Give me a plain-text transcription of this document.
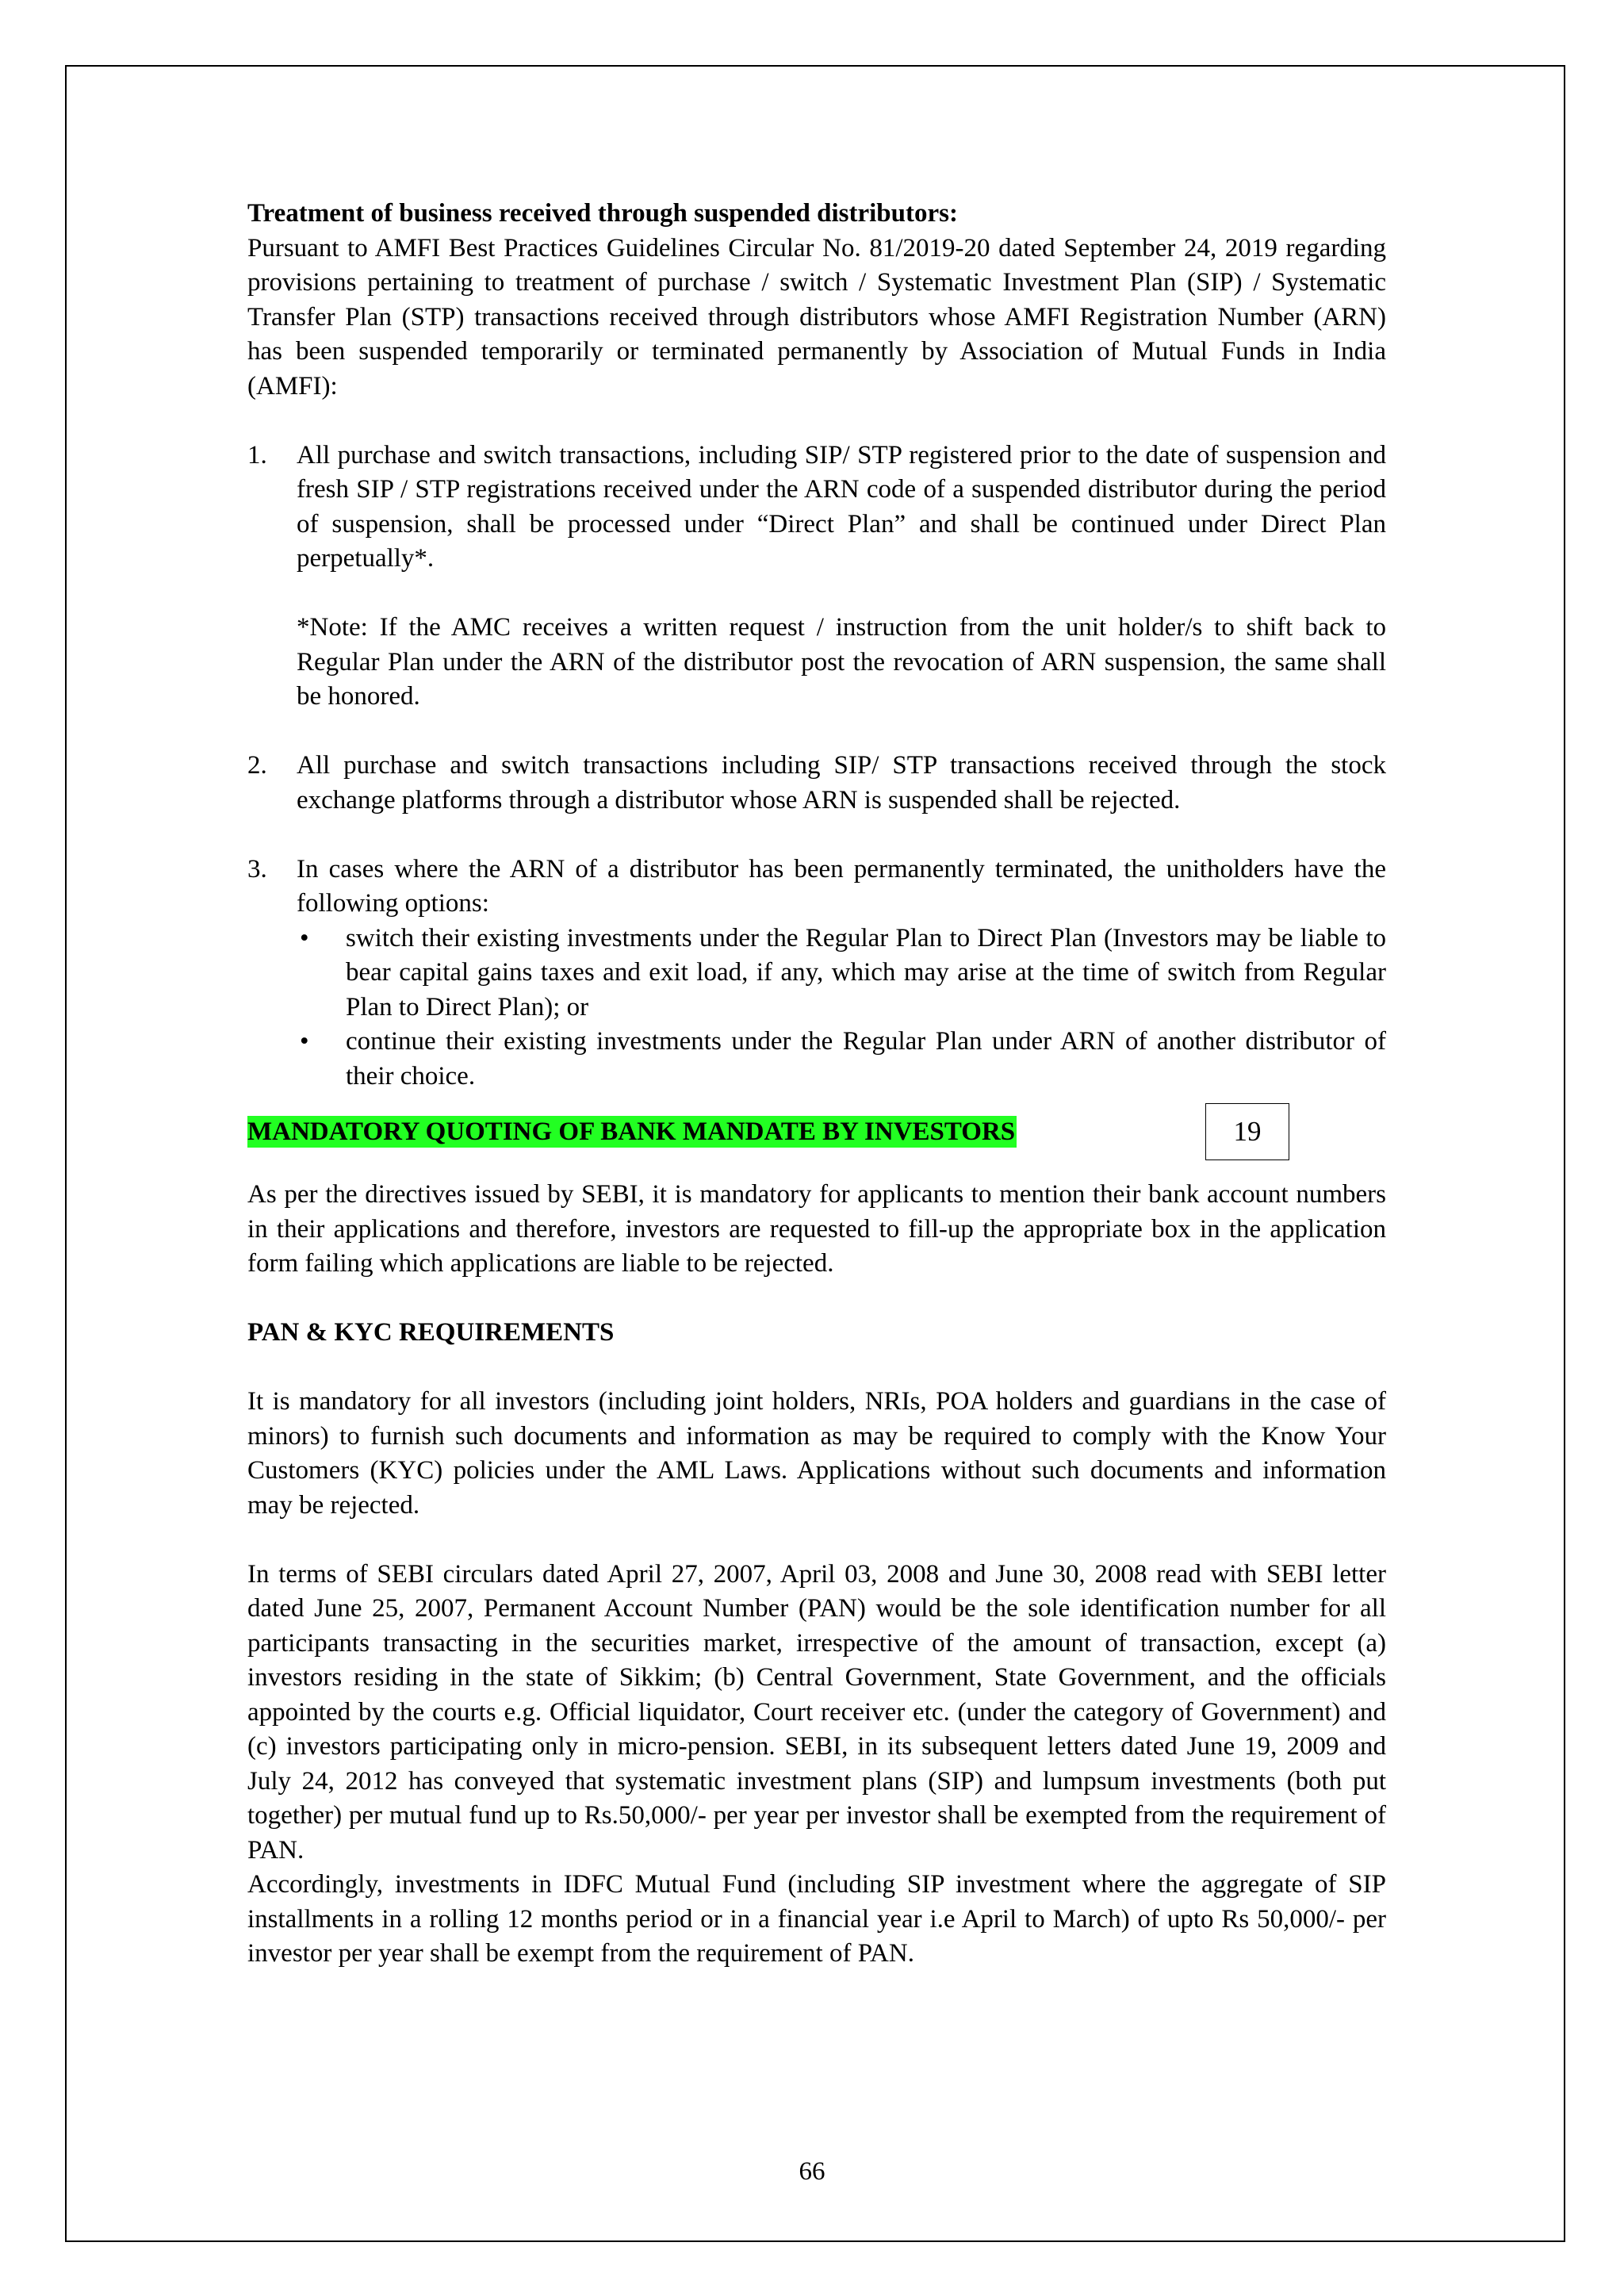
Treatment of business received through suspended distributors:

Pursuant to AMFI Best Practices Guidelines Circular No. 81/2019-20 dated September 24, 2019 regarding provisions pertaining to treatment of purchase / switch / Systematic Investment Plan (SIP) / Systematic Transfer Plan (STP) transactions received through distributors whose AMFI Registration Number (ARN) has been suspended temporarily or terminated permanently by Association of Mutual Funds in India (AMFI):

1.	All purchase and switch transactions, including SIP/ STP registered prior to the date of suspension and fresh SIP / STP registrations received under the ARN code of a suspended distributor during the period of suspension, shall be processed under “Direct Plan” and shall be continued under Direct Plan perpetually*.

*Note: If the AMC receives a written request / instruction from the unit holder/s to shift back to Regular Plan under the ARN of the distributor post the revocation of ARN suspension, the same shall be honored.

2.	All purchase and switch transactions including SIP/ STP transactions received through the stock exchange platforms through a distributor whose ARN is suspended shall be rejected.

3.	In cases where the ARN of a distributor has been permanently terminated, the unitholders have the following options:

•	switch their existing investments under the Regular Plan to Direct Plan (Investors may be liable to bear capital gains taxes and exit load, if any, which may arise at the time of switch from Regular Plan to Direct Plan); or

•	continue their existing investments under the Regular Plan under ARN of another distributor of their choice.

MANDATORY QUOTING OF BANK MANDATE BY INVESTORS	19

As per the directives issued by SEBI, it is mandatory for applicants to mention their bank account numbers in their applications and therefore, investors are requested to fill-up the appropriate box in the application form failing which applications are liable to be rejected.

PAN & KYC REQUIREMENTS

It is mandatory for all investors (including joint holders, NRIs, POA holders and guardians in the case of minors) to furnish such documents and information as may be required to comply with the Know Your Customers (KYC) policies under the AML Laws. Applications without such documents and information may be rejected.

In terms of SEBI circulars dated April 27, 2007, April 03, 2008 and June 30, 2008 read with SEBI letter dated June 25, 2007, Permanent Account Number (PAN) would be the sole identification number for all participants transacting in the securities market, irrespective of the amount of transaction, except (a) investors residing in the state of Sikkim; (b) Central Government, State Government, and the officials appointed by the courts e.g. Official liquidator, Court receiver etc. (under the category of Government) and (c) investors participating only in micro-pension. SEBI, in its subsequent letters dated June 19, 2009 and July 24, 2012 has conveyed that systematic investment plans (SIP) and lumpsum investments (both put together) per mutual fund up to Rs.50,000/- per year per investor shall be exempted from the requirement of PAN.

Accordingly, investments in IDFC Mutual Fund (including SIP investment where the aggregate of SIP installments in a rolling 12 months period or in a financial year i.e April to March) of upto Rs 50,000/- per investor per year shall be exempt from the requirement of PAN.

66
